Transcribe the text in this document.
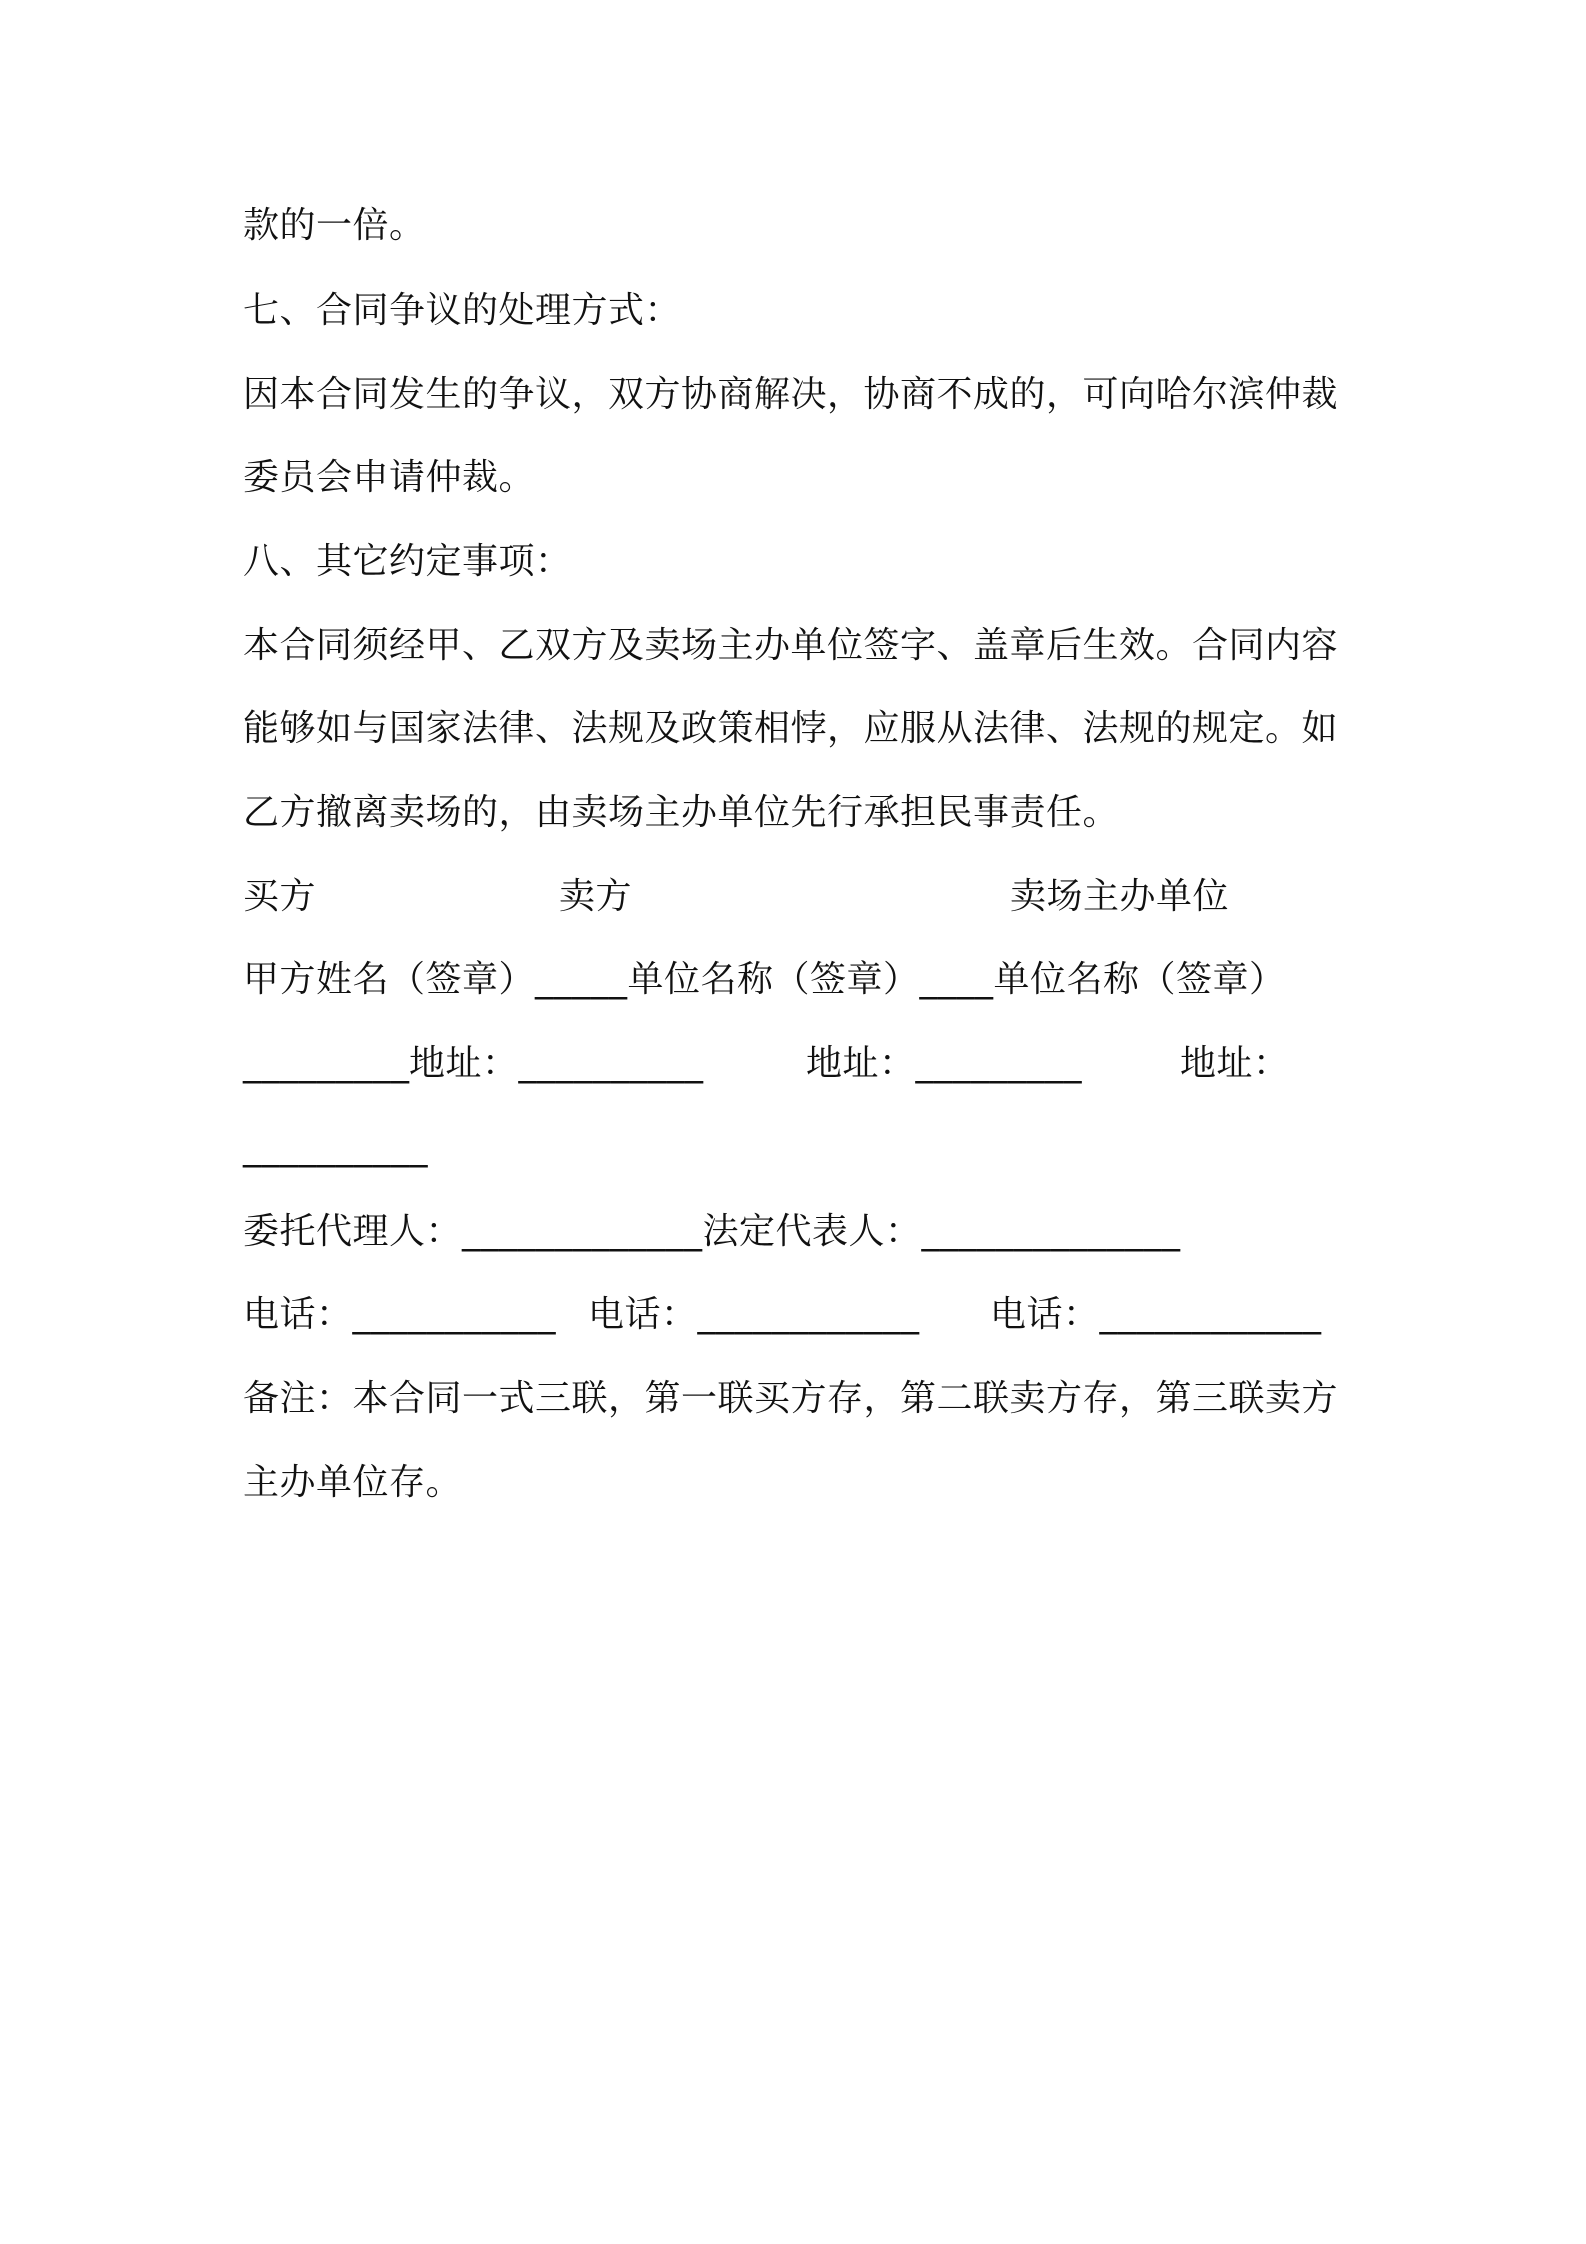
款的一倍。
七、合同争议的处理方式：
因本合同发生的争议，双方协商解决，协商不成的，可向哈尔滨仲裁
委员会申请仲裁。
八、其它约定事项：
本合同须经甲、乙双方及卖场主办单位签字、盖章后生效。合同内容
能够如与国家法律、法规及政策相悖，应服从法律、法规的规定。如
乙方撤离卖场的，由卖场主办单位先行承担民事责任。
买方	卖方	卖场主办单位
甲方姓名（签章）_____单位名称（签章）____单位名称（签章）
_________ 地址：__________	地址：_________	地址：
__________
委托代理人：_____________法定代表人：______________
电话：___________ 电话：____________ 电话：____________
备注：本合同一式三联，第一联买方存，第二联卖方存，第三联卖方
主办单位存。
